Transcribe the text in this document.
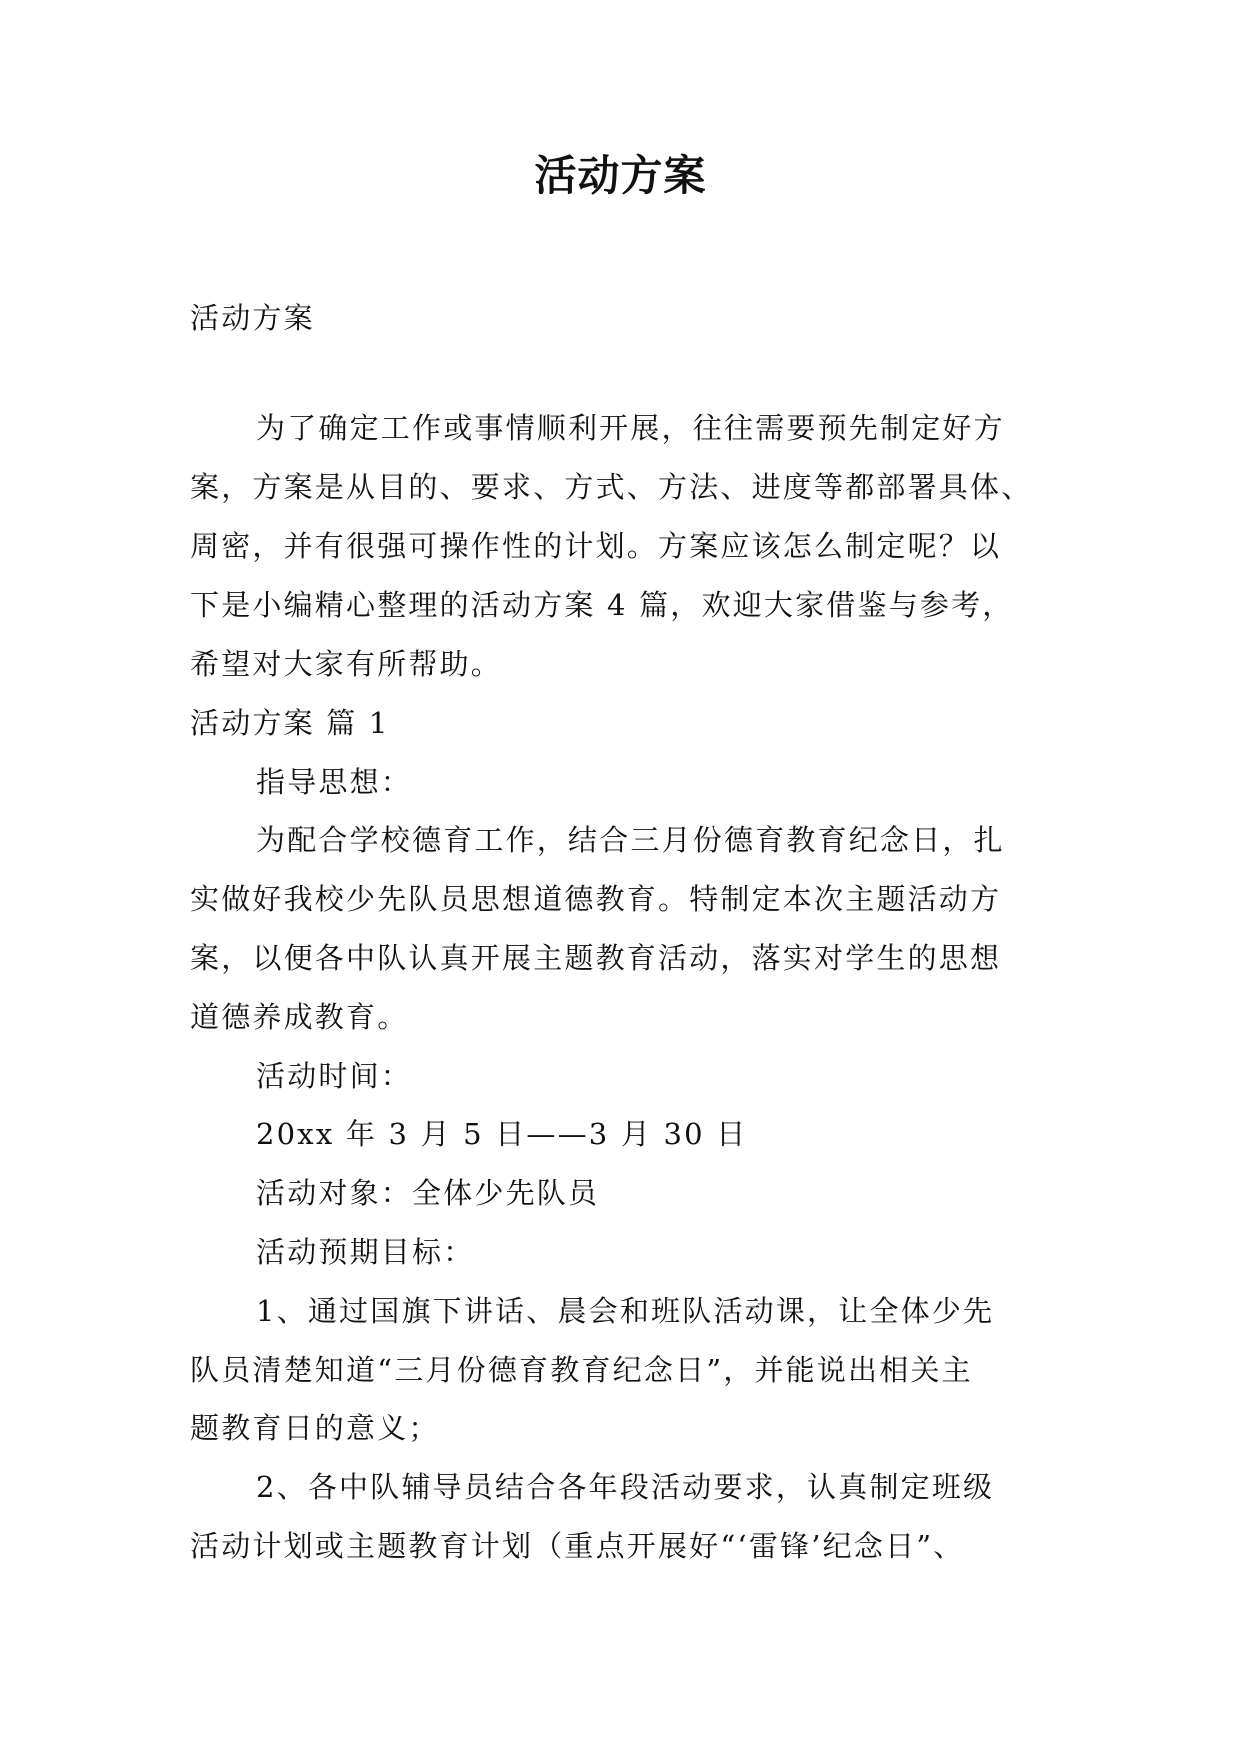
活动方案
活动方案
为了确定工作或事情顺利开展，往往需要预先制定好方
案，方案是从目的、要求、方式、方法、进度等都部署具体、
周密，并有很强可操作性的计划。方案应该怎么制定呢？以
下是小编精心整理的活动方案 4 篇，欢迎大家借鉴与参考，
希望对大家有所帮助。
活动方案 篇 1
指导思想：
为配合学校德育工作，结合三月份德育教育纪念日，扎
实做好我校少先队员思想道德教育。特制定本次主题活动方
案，以便各中队认真开展主题教育活动，落实对学生的思想
道德养成教育。
活动时间：
20xx 年 3 月 5 日——3 月 30 日
活动对象：全体少先队员
活动预期目标：
1、通过国旗下讲话、晨会和班队活动课，让全体少先
队员清楚知道“三月份德育教育纪念日”，并能说出相关主
题教育日的意义；
2、各中队辅导员结合各年段活动要求，认真制定班级
活动计划或主题教育计划（重点开展好“‘雷锋’纪念日”、
